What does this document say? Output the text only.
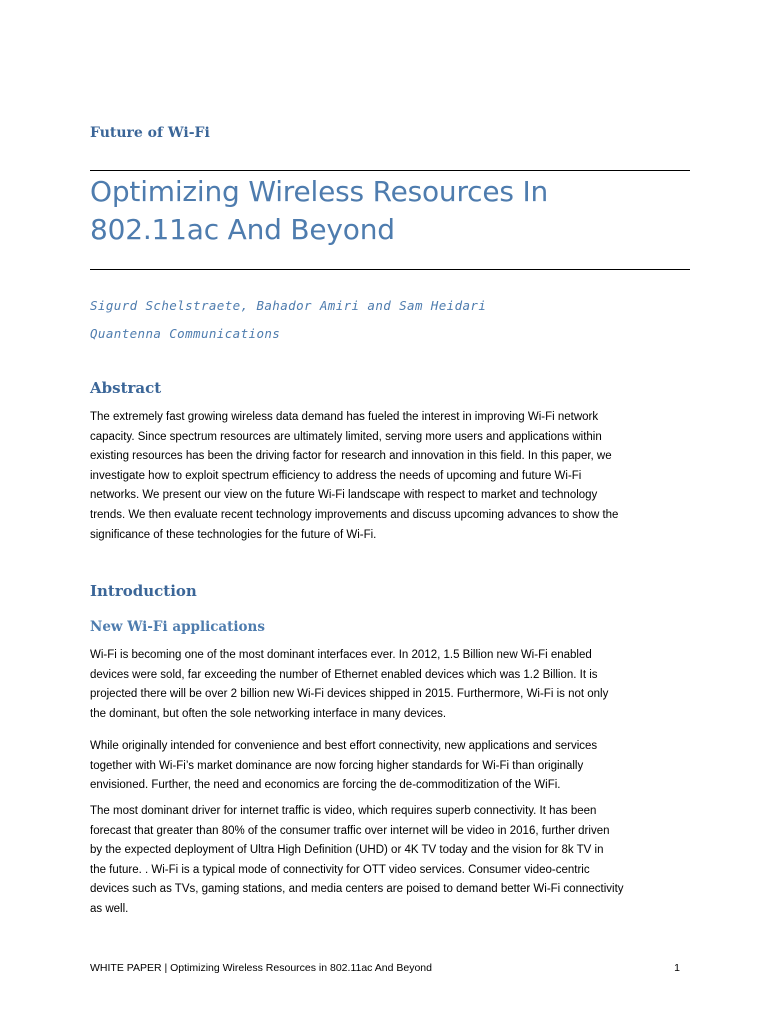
Future of Wi-Fi
Optimizing Wireless Resources In
802.11ac And Beyond

Sigurd Schelstraete, Bahador Amiri and Sam Heidari

Quantenna Communications

Abstract

The extremely fast growing wireless data demand has fueled the interest in improving Wi-Fi network
capacity. Since spectrum resources are ultimately limited, serving more users and applications within
existing resources has been the driving factor for research and innovation in this field. In this paper, we
investigate how to exploit spectrum efficiency to address the needs of upcoming and future Wi-Fi
networks. We present our view on the future Wi-Fi landscape with respect to market and technology
trends. We then evaluate recent technology improvements and discuss upcoming advances to show the
significance of these technologies for the future of Wi-Fi.

Introduction
New Wi-Fi applications

Wi-Fi is becoming one of the most dominant interfaces ever. In 2012, 1.5 Billion new Wi-Fi enabled
devices were sold, far exceeding the number of Ethernet enabled devices which was 1.2 Billion. It is
projected there will be over 2 billion new Wi-Fi devices shipped in 2015. Furthermore, Wi-Fi is not only
the dominant, but often the sole networking interface in many devices.

While originally intended for convenience and best effort connectivity, new applications and services
together with Wi-Fi’s market dominance are now forcing higher standards for Wi-Fi than originally
envisioned. Further, the need and economics are forcing the de-commoditization of the WiFi.

The most dominant driver for internet traffic is video, which requires superb connectivity. It has been
forecast that greater than 80% of the consumer traffic over internet will be video in 2016, further driven
by the expected deployment of Ultra High Definition (UHD) or 4K TV today and the vision for 8k TV in
the future. . Wi-Fi is a typical mode of connectivity for OTT video services. Consumer video-centric
devices such as TVs, gaming stations, and media centers are poised to demand better Wi-Fi connectivity
as well.

WHITE PAPER | Optimizing Wireless Resources in 802.11ac And Beyond	1
